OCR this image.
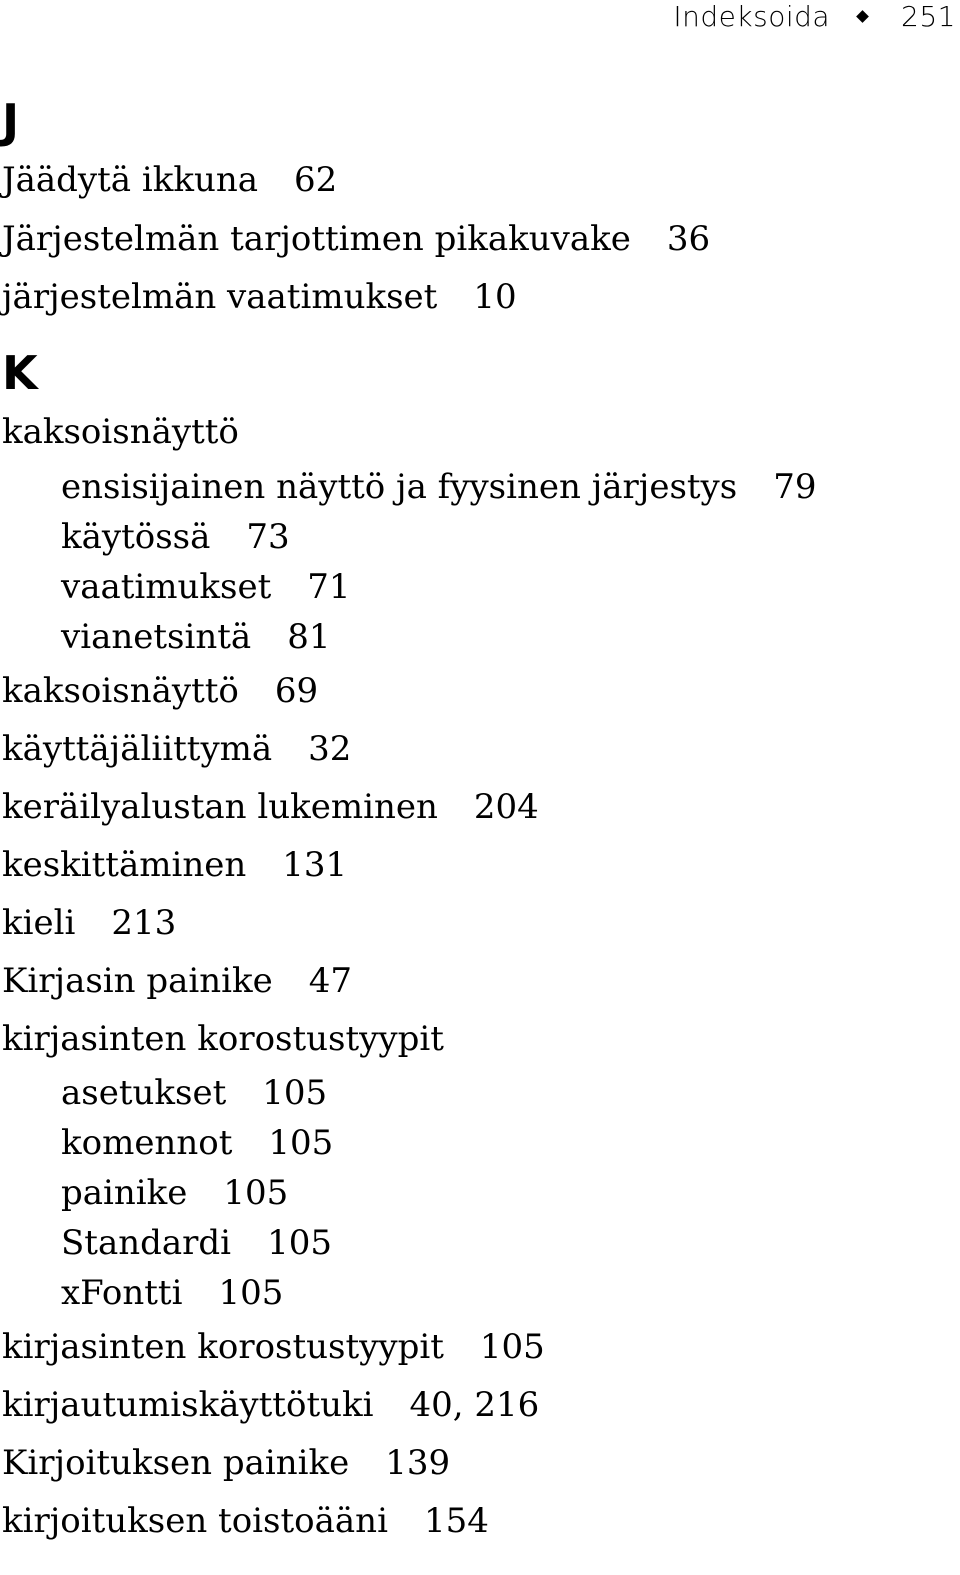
Indeksoida	251
J
Jäädytä ikkuna 62
Järjestelmän tarjottimen pikakuvake 36
järjestelmän vaatimukset 10
K
kaksoisnäyttö
ensisijainen näyttö ja fyysinen järjestys 79
käytössä 73
vaatimukset 71
vianetsintä 81
kaksoisnäyttö 69
käyttäjäliittymä 32
keräilyalustan lukeminen 204
keskittäminen 131
kieli 213
Kirjasin painike 47
kirjasinten korostustyypit
asetukset 105
komennot 105
painike 105
Standardi 105
xFontti 105
kirjasinten korostustyypit 105
kirjautumiskäyttötuki 40, 216
Kirjoituksen painike 139
kirjoituksen toistoääni 154
